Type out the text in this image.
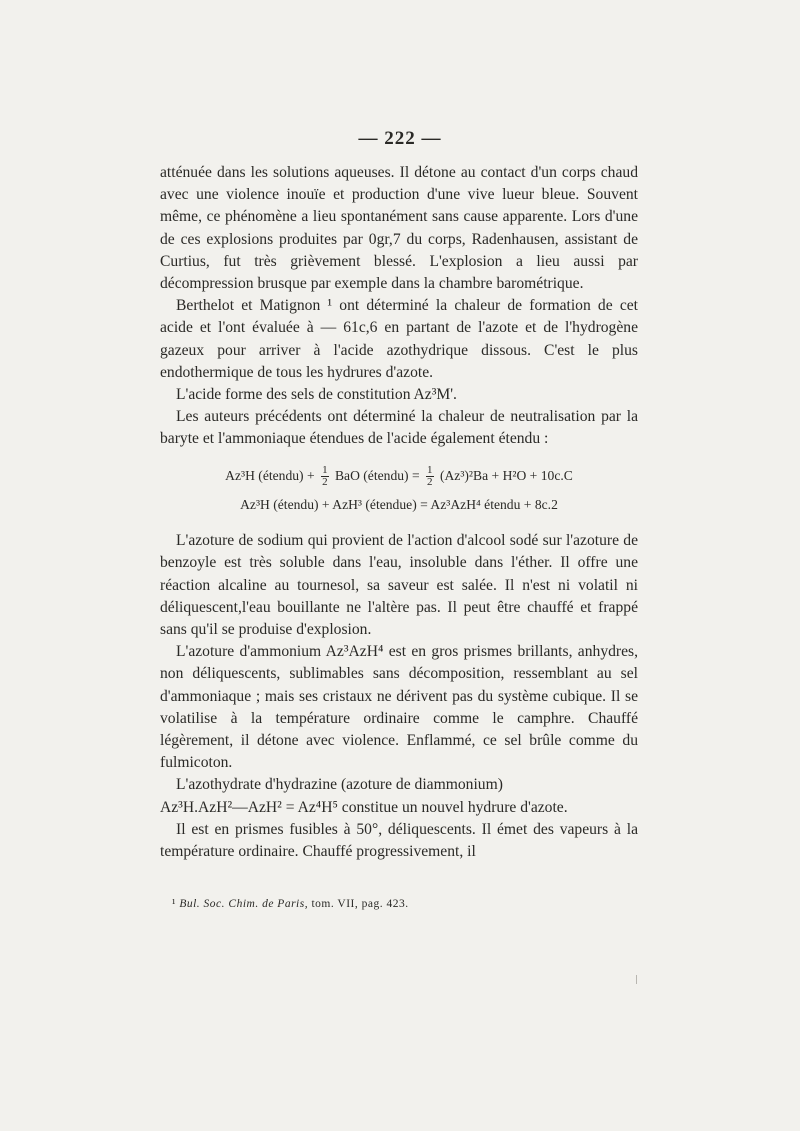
— 222 —

atténuée dans les solutions aqueuses. Il détone au contact d'un corps chaud avec une violence inouïe et production d'une vive lueur bleue. Souvent même, ce phénomène a lieu spontanément sans cause apparente. Lors d'une de ces explosions produites par 0gr,7 du corps, Radenhausen, assistant de Curtius, fut très grièvement blessé. L'explosion a lieu aussi par décompression brusque par exemple dans la chambre barométrique.

Berthelot et Matignon ¹ ont déterminé la chaleur de formation de cet acide et l'ont évaluée à — 61c,6 en partant de l'azote et de l'hydrogène gazeux pour arriver à l'acide azothydrique dissous. C'est le plus endothermique de tous les hydrures d'azote.

L'acide forme des sels de constitution Az³M'.

Les auteurs précédents ont déterminé la chaleur de neutralisation par la baryte et l'ammoniaque étendues de l'acide également étendu :

Az³H (étendu) + $\frac{1}{2}$ BaO (étendu) = $\frac{1}{2} (Az^3)^2Ba + H^2O + 10c.C$
Az³H (étendu) + AzH³ (étendue) = Az³AzH⁴ étendu + 8c.2

L'azoture de sodium qui provient de l'action d'alcool sodé sur l'azoture de benzoyle est très soluble dans l'eau, insoluble dans l'éther. Il offre une réaction alcaline au tournesol, sa saveur est salée. Il n'est ni volatil ni déliquescent,l'eau bouillante ne l'altère pas. Il peut être chauffé et frappé sans qu'il se produise d'explosion.

L'azoture d'ammonium Az³AzH⁴ est en gros prismes brillants, anhydres, non déliquescents, sublimables sans décomposition, ressemblant au sel d'ammoniaque ; mais ses cristaux ne dérivent pas du système cubique. Il se volatilise à la température ordinaire comme le camphre. Chauffé légèrement, il détone avec violence. Enflammé, ce sel brûle comme du fulmicoton.

L'azothydrate d'hydrazine (azoture de diammonium)

Az³H.AzH²—AzH² = Az⁴H⁵ constitue un nouvel hydrure d'azote.

Il est en prismes fusibles à 50°, déliquescents. Il émet des vapeurs à la température ordinaire. Chauffé progressivement, il

¹ Bul. Soc. Chim. de Paris, tom. VII, pag. 423.
